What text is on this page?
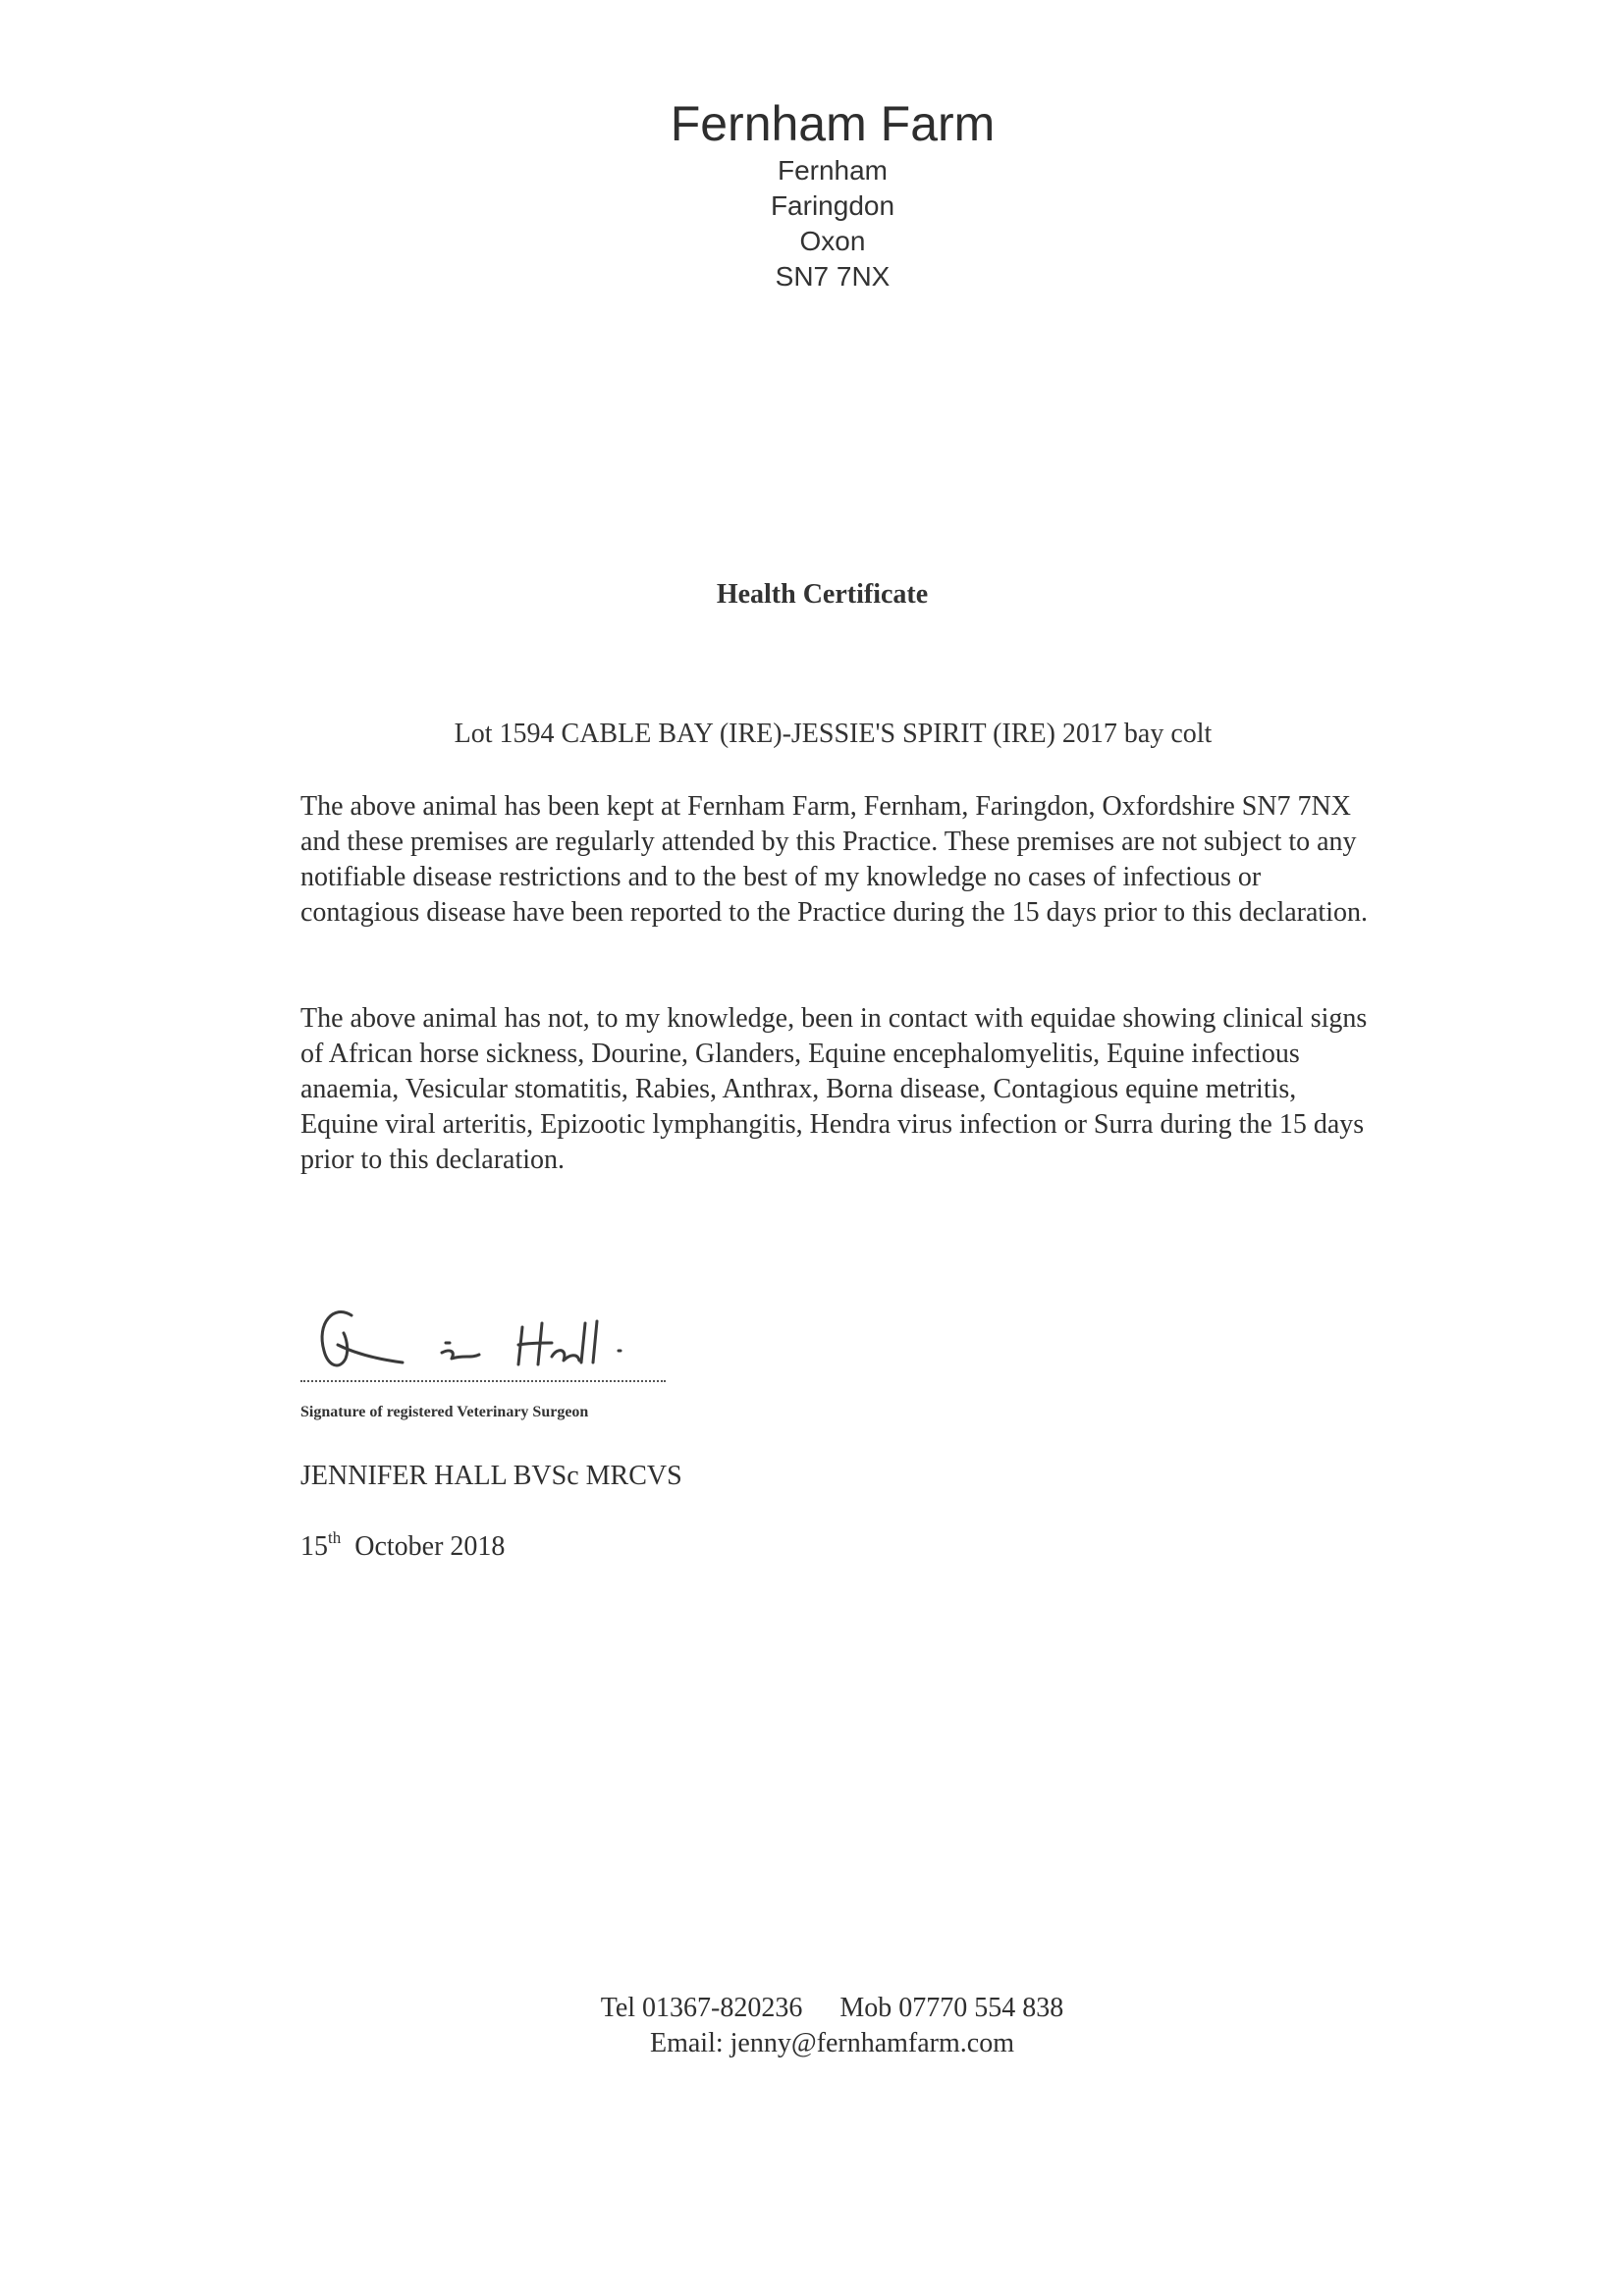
Fernham Farm
Fernham
Faringdon
Oxon
SN7 7NX
Health Certificate
Lot 1594 CABLE BAY (IRE)-JESSIE'S SPIRIT (IRE) 2017 bay colt
The above animal has been kept at Fernham Farm, Fernham, Faringdon, Oxfordshire SN7 7NX and these premises are regularly attended by this Practice. These premises are not subject to any notifiable disease restrictions and to the best of my knowledge no cases of infectious or contagious disease have been reported to the Practice during the 15 days prior to this declaration.
The above animal has not, to my knowledge, been in contact with equidae showing clinical signs of African horse sickness, Dourine, Glanders, Equine encephalomyelitis, Equine infectious anaemia, Vesicular stomatitis, Rabies, Anthrax, Borna disease, Contagious equine metritis, Equine viral arteritis, Epizootic lymphangitis, Hendra virus infection or Surra during the 15 days prior to this declaration.
Signature of registered Veterinary Surgeon
JENNIFER HALL BVSc MRCVS
15th October 2018
Tel 01367-820236 Mob 07770 554 838
Email: jenny@fernhamfarm.com
